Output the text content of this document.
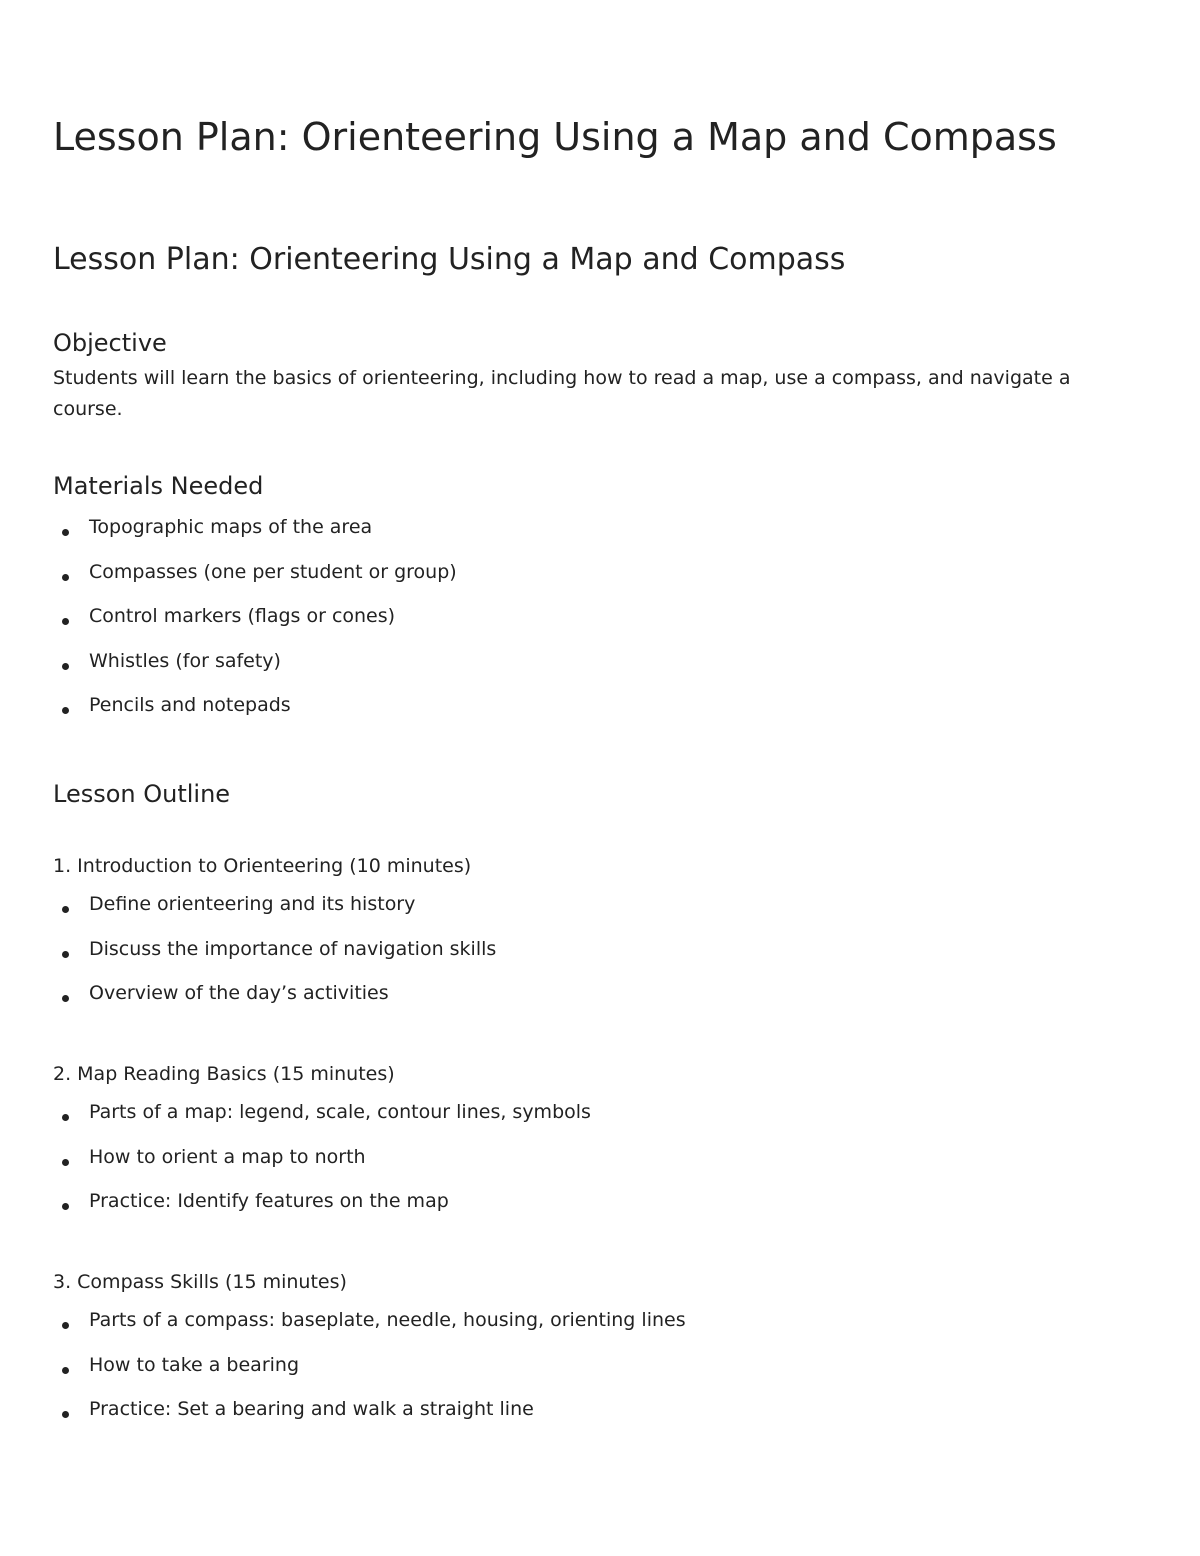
Lesson Plan: Orienteering Using a Map and Compass
Lesson Plan: Orienteering Using a Map and Compass
Objective

Students will learn the basics of orienteering, including how to read a map, use a compass, and navigate a course.

Materials Needed
Topographic maps of the area
Compasses (one per student or group)
Control markers (flags or cones)
Whistles (for safety)
Pencils and notepads
Lesson Outline

1. Introduction to Orienteering (10 minutes)

Define orienteering and its history
Discuss the importance of navigation skills
Overview of the day’s activities

2. Map Reading Basics (15 minutes)

Parts of a map: legend, scale, contour lines, symbols
How to orient a map to north
Practice: Identify features on the map

3. Compass Skills (15 minutes)

Parts of a compass: baseplate, needle, housing, orienting lines
How to take a bearing
Practice: Set a bearing and walk a straight line
